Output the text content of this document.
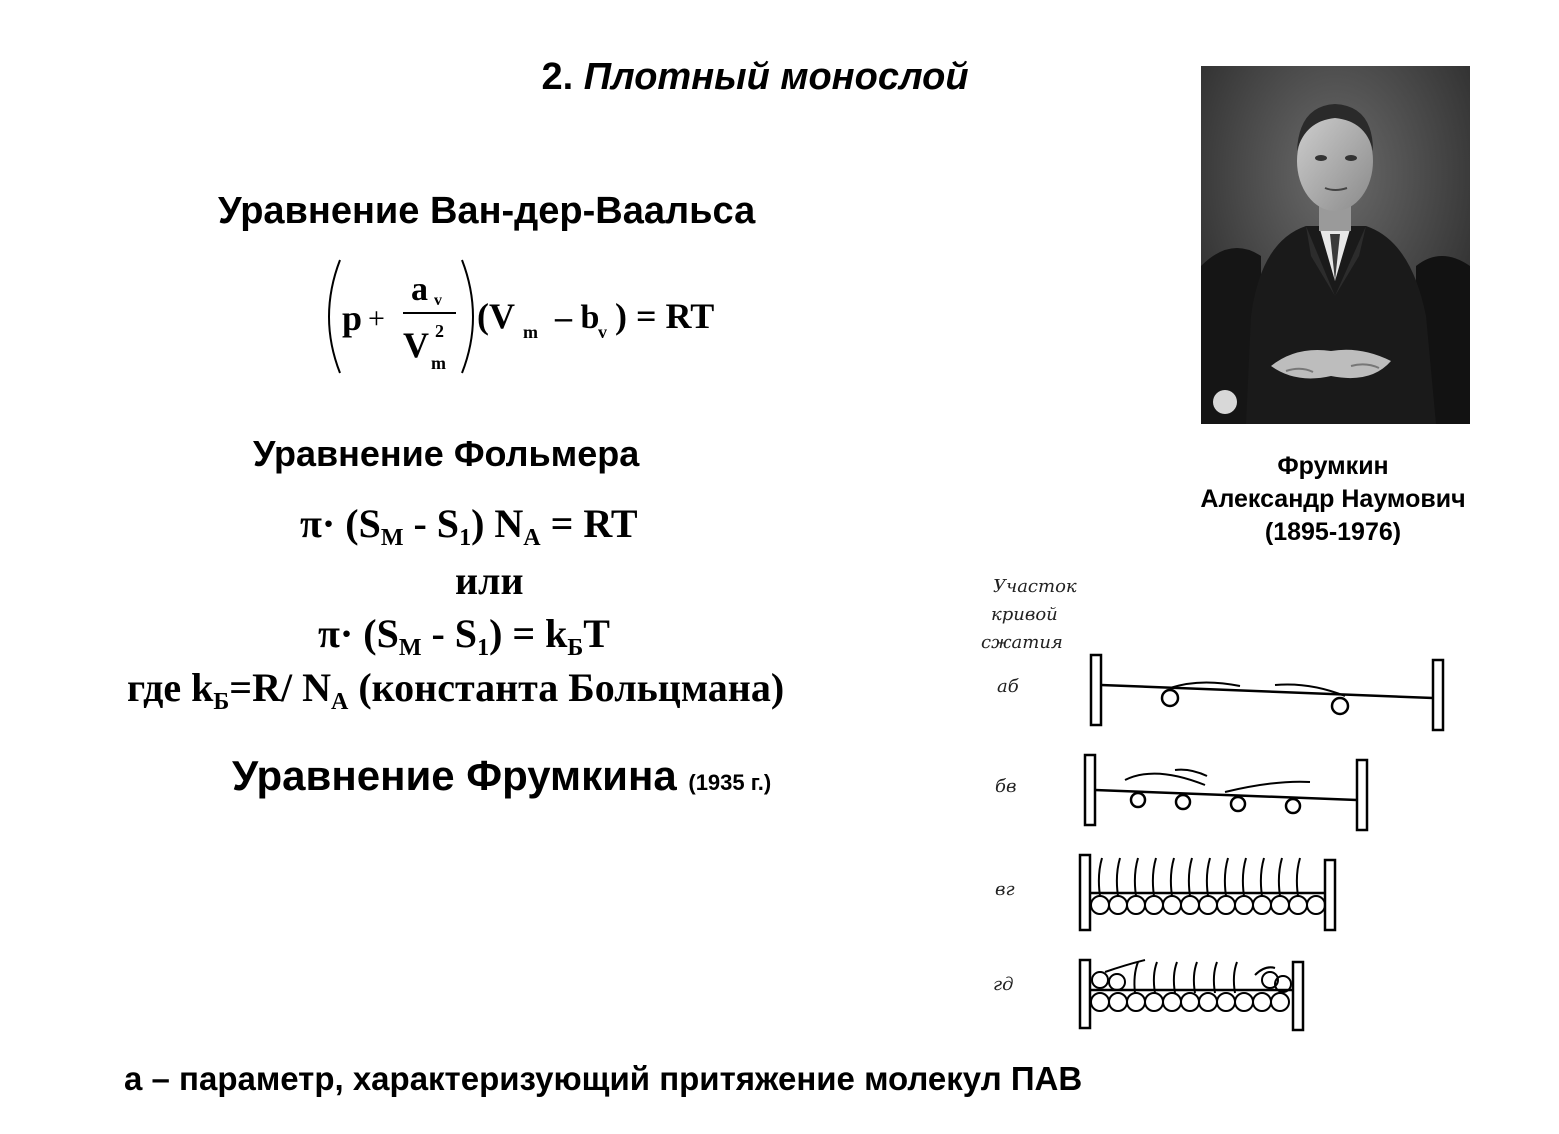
2. Плотный монослой
Уравнение Ван-дер-Ваальса
p +
a v
V 2
m
(V m – b
v ) = RT
Уравнение Фольмера
$\pi\cdot (S_M - S_1) N_A$ = RT
или
$\pi\cdot (S_M - S_1) = k_БT$
где $k_Б=R/$ $N_A$ (константа Больцмана)
Уравнение Фрумкина (1935 г.)
Фрумкин
Александр Наумович
(1895-1976)
Участок
кривой
сжатия
аб
бв
вг
гд
а – параметр, характеризующий притяжение молекул ПАВ
